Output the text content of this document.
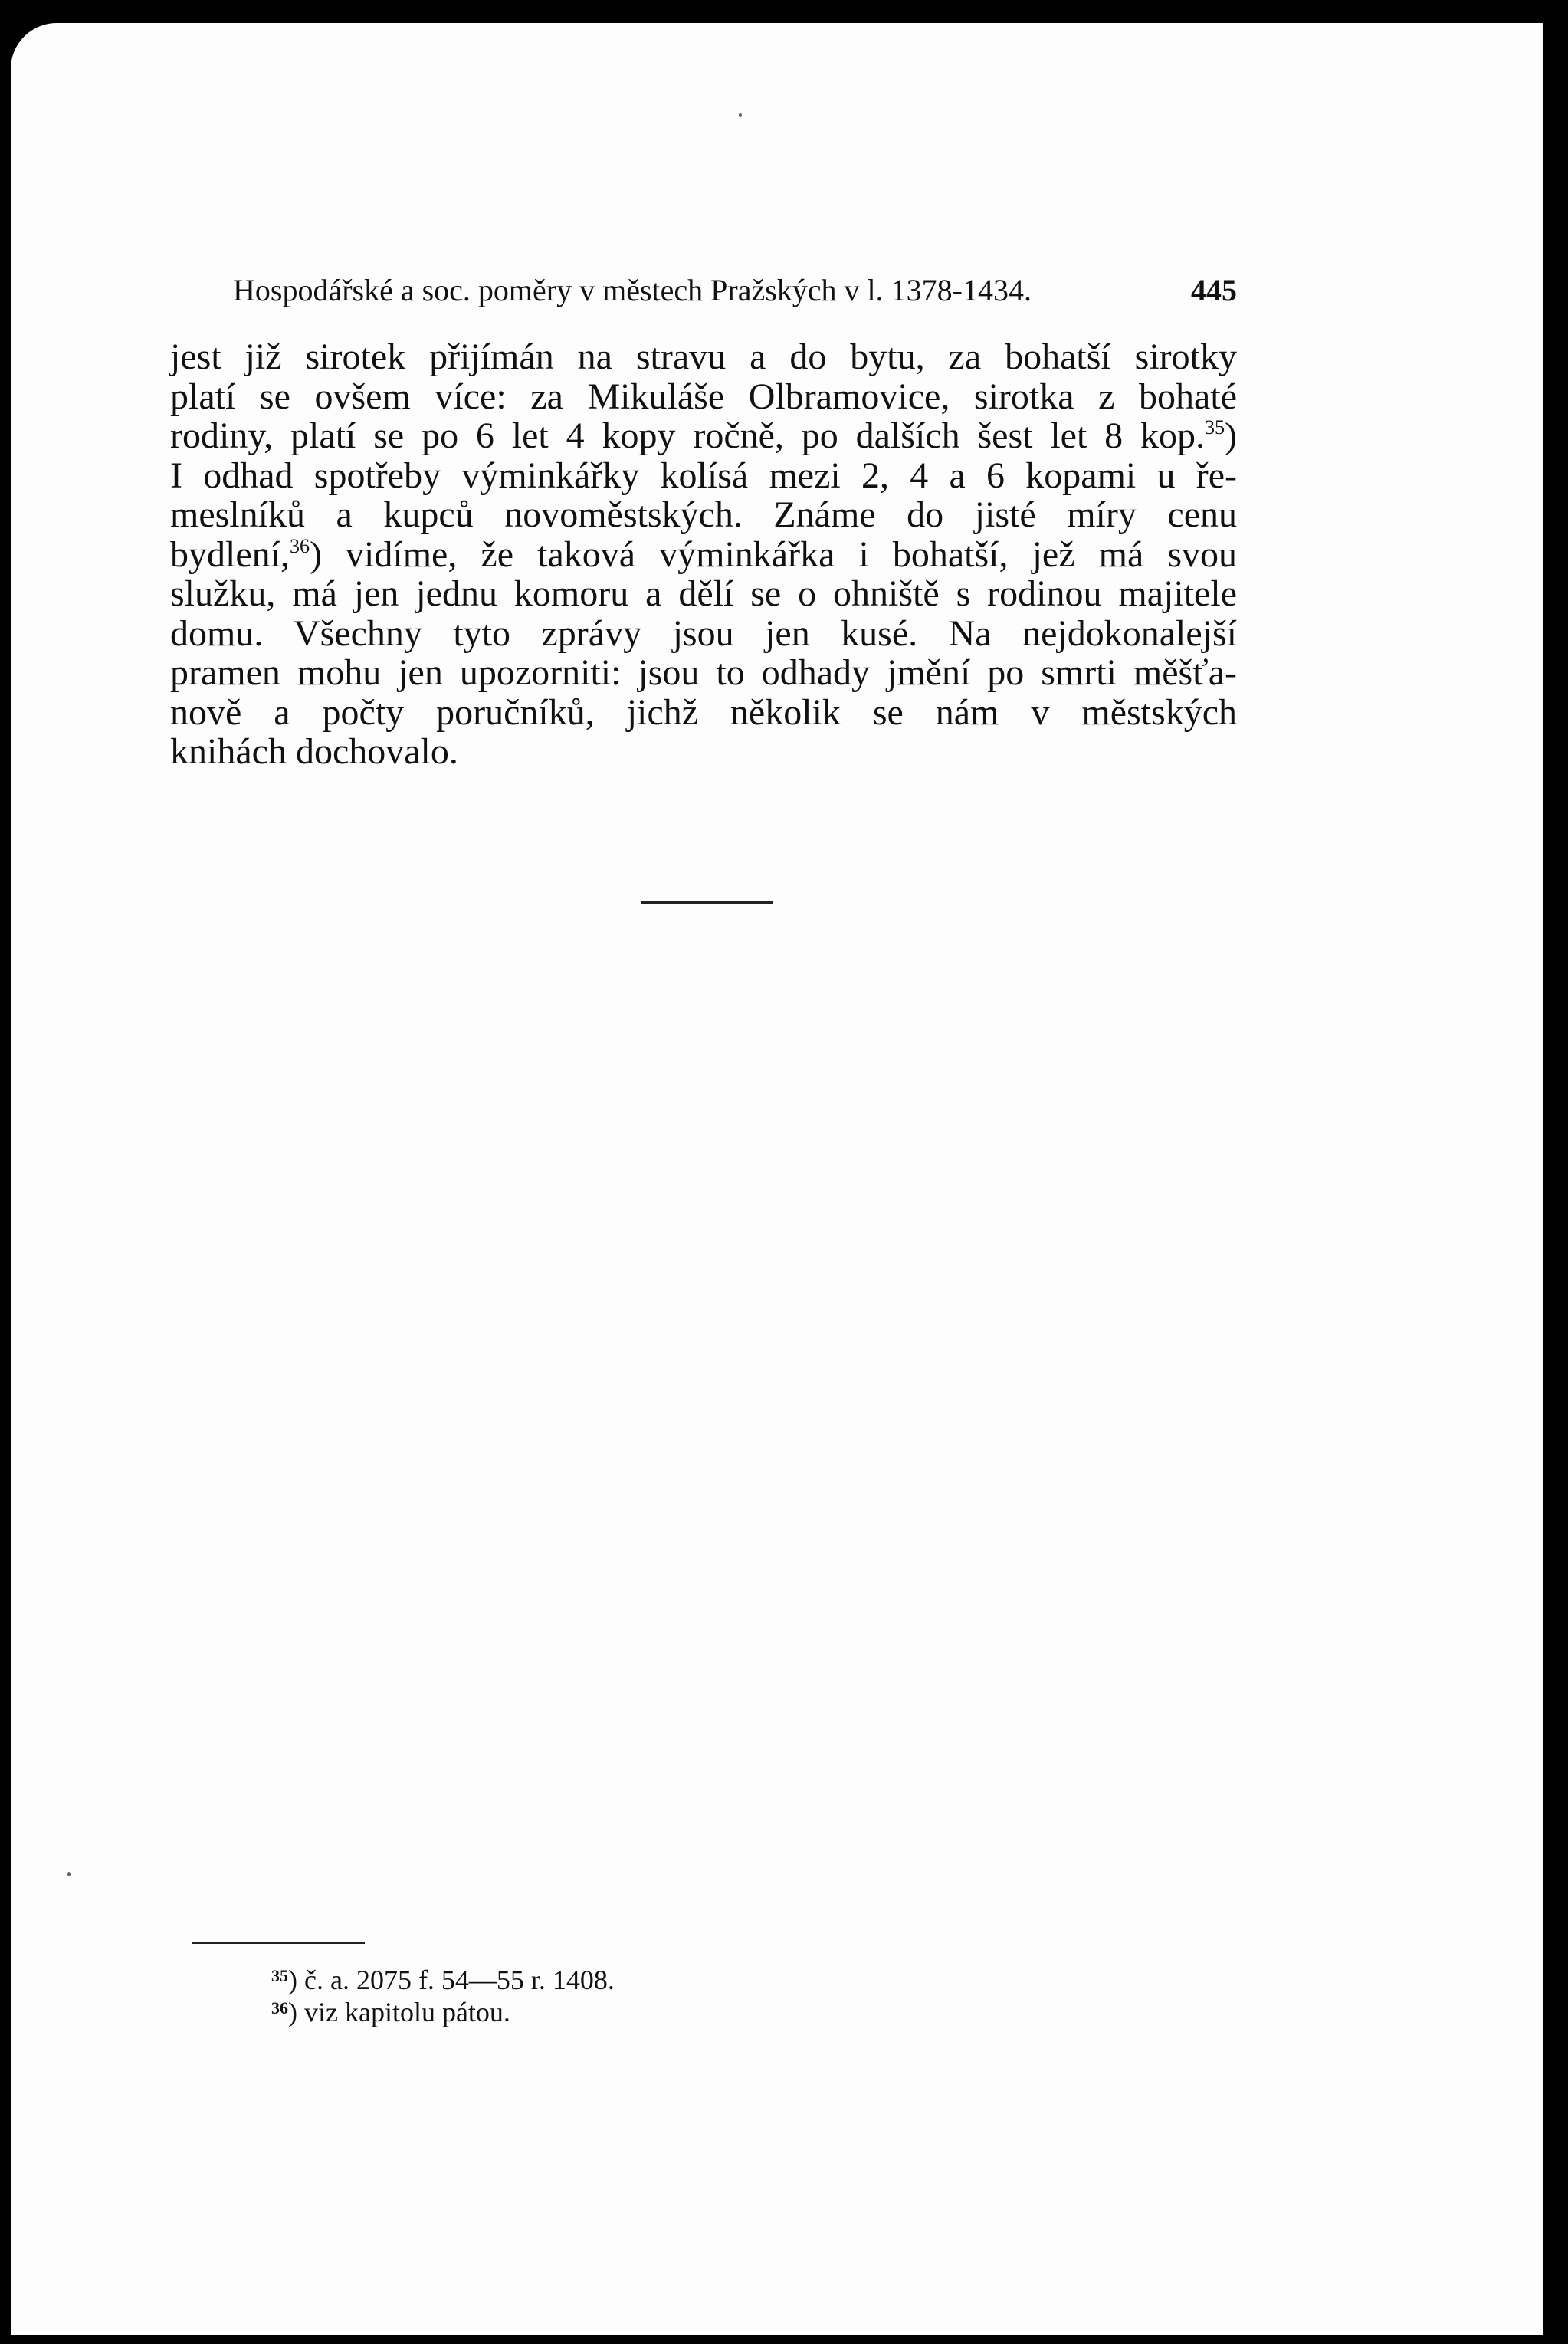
Hospodářské a soc. poměry v městech Pražských v l. 1378-1434.	445
jest již sirotek přijímán na stravu a do bytu, za bohatší sirotky
platí se ovšem více: za Mikuláše Olbramovice, sirotka z bohaté
rodiny, platí se po 6 let 4 kopy ročně, po dalších šest let 8 kop.$^{35}$)
I odhad spotřeby výminkářky kolísá mezi 2, 4 a 6 kopami u ře-
meslníků a kupců novoměstských. Známe do jisté míry cenu
bydlení,$^{36}$) vidíme, že taková výminkářka i bohatší, jež má svou
služku, má jen jednu komoru a dělí se o ohniště s rodinou majitele
domu. Všechny tyto zprávy jsou jen kusé. Na nejdokonalejší
pramen mohu jen upozorniti: jsou to odhady jmění po smrti měšťa-
nově a počty poručníků, jichž několik se nám v městských
knihách dochovalo.
$^{35}$) č. a. 2075 f. 54—55 r. 1408.
$^{36}$) viz kapitolu pátou.
